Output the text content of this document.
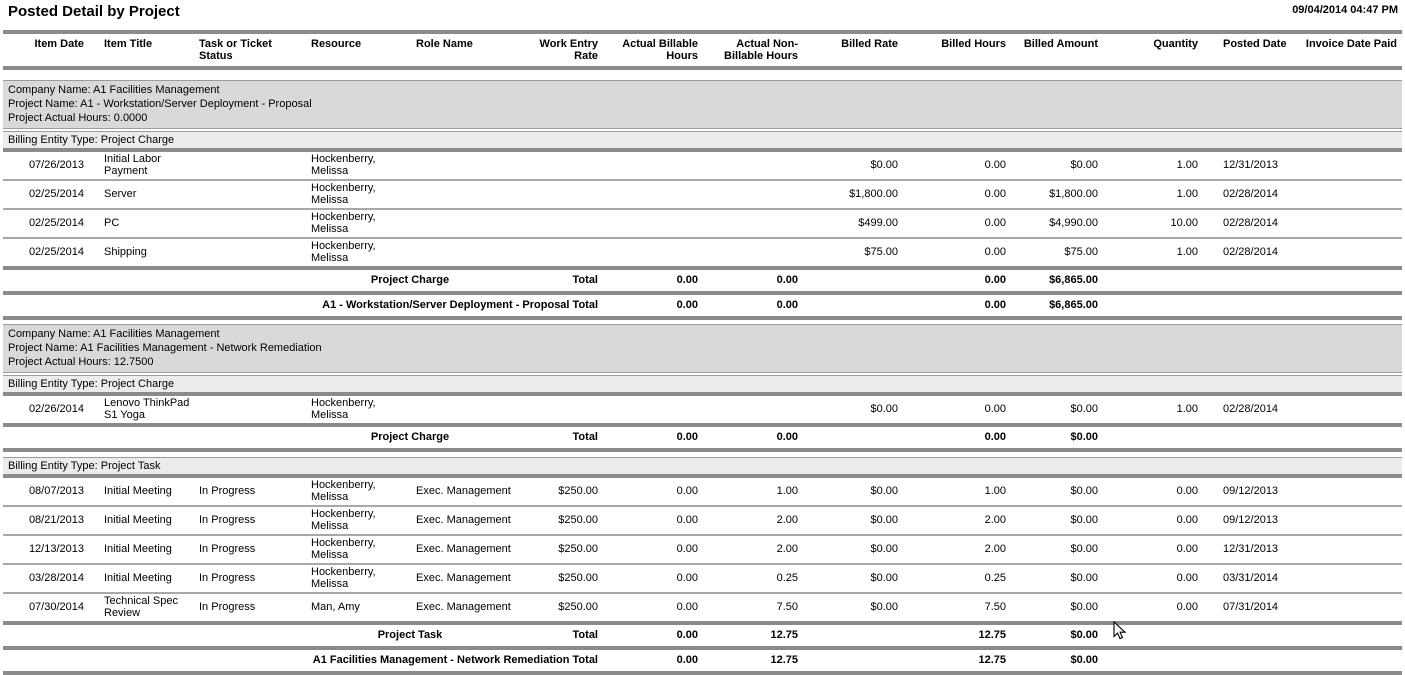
Posted Detail by Project	09/04/2014 04:47 PM

Item Date	Item Title	Task or Ticket Status	Resource	Role Name	Work Entry Rate	Actual Billable Hours	Actual Non-Billable Hours	Billed Rate	Billed Hours	Billed Amount	Quantity	Posted Date	Invoice Date Paid

Company Name: A1 Facilities Management
Project Name: A1 - Workstation/Server Deployment - Proposal
Project Actual Hours: 0.0000													

Billing Entity Type: Project Charge													

07/26/2013	Initial Labor Payment		Hockenberry, Melissa					$0.00	0.00	$0.00	1.00	12/31/2013	
02/25/2014	Server		Hockenberry, Melissa					$1,800.00	0.00	$1,800.00	1.00	02/28/2014	
02/25/2014	PC		Hockenberry, Melissa					$499.00	0.00	$4,990.00	10.00	02/28/2014	
02/25/2014	Shipping		Hockenberry, Melissa					$75.00	0.00	$75.00	1.00	02/28/2014	

			Project Charge		Total	0.00	0.00		0.00	$6,865.00			

A1 - Workstation/Server Deployment - Proposal Total						0.00	0.00		0.00	$6,865.00			

Company Name: A1 Facilities Management
Project Name: A1 Facilities Management - Network Remediation
Project Actual Hours: 12.7500													

Billing Entity Type: Project Charge													

02/26/2014	Lenovo ThinkPad S1 Yoga		Hockenberry, Melissa					$0.00	0.00	$0.00	1.00	02/28/2014	

			Project Charge		Total	0.00	0.00		0.00	$0.00			

Billing Entity Type: Project Task													

08/07/2013	Initial Meeting	In Progress	Hockenberry, Melissa	Exec. Management	$250.00	0.00	1.00	$0.00	1.00	$0.00	0.00	09/12/2013	
08/21/2013	Initial Meeting	In Progress	Hockenberry, Melissa	Exec. Management	$250.00	0.00	2.00	$0.00	2.00	$0.00	0.00	09/12/2013	
12/13/2013	Initial Meeting	In Progress	Hockenberry, Melissa	Exec. Management	$250.00	0.00	2.00	$0.00	2.00	$0.00	0.00	12/31/2013	
03/28/2014	Initial Meeting	In Progress	Hockenberry, Melissa	Exec. Management	$250.00	0.00	0.25	$0.00	0.25	$0.00	0.00	03/31/2014	
07/30/2014	Technical Spec Review	In Progress	Man, Amy	Exec. Management	$250.00	0.00	7.50	$0.00	7.50	$0.00	0.00	07/31/2014	

			Project Task		Total	0.00	12.75		12.75	$0.00			

A1 Facilities Management - Network Remediation Total						0.00	12.75		12.75	$0.00			
